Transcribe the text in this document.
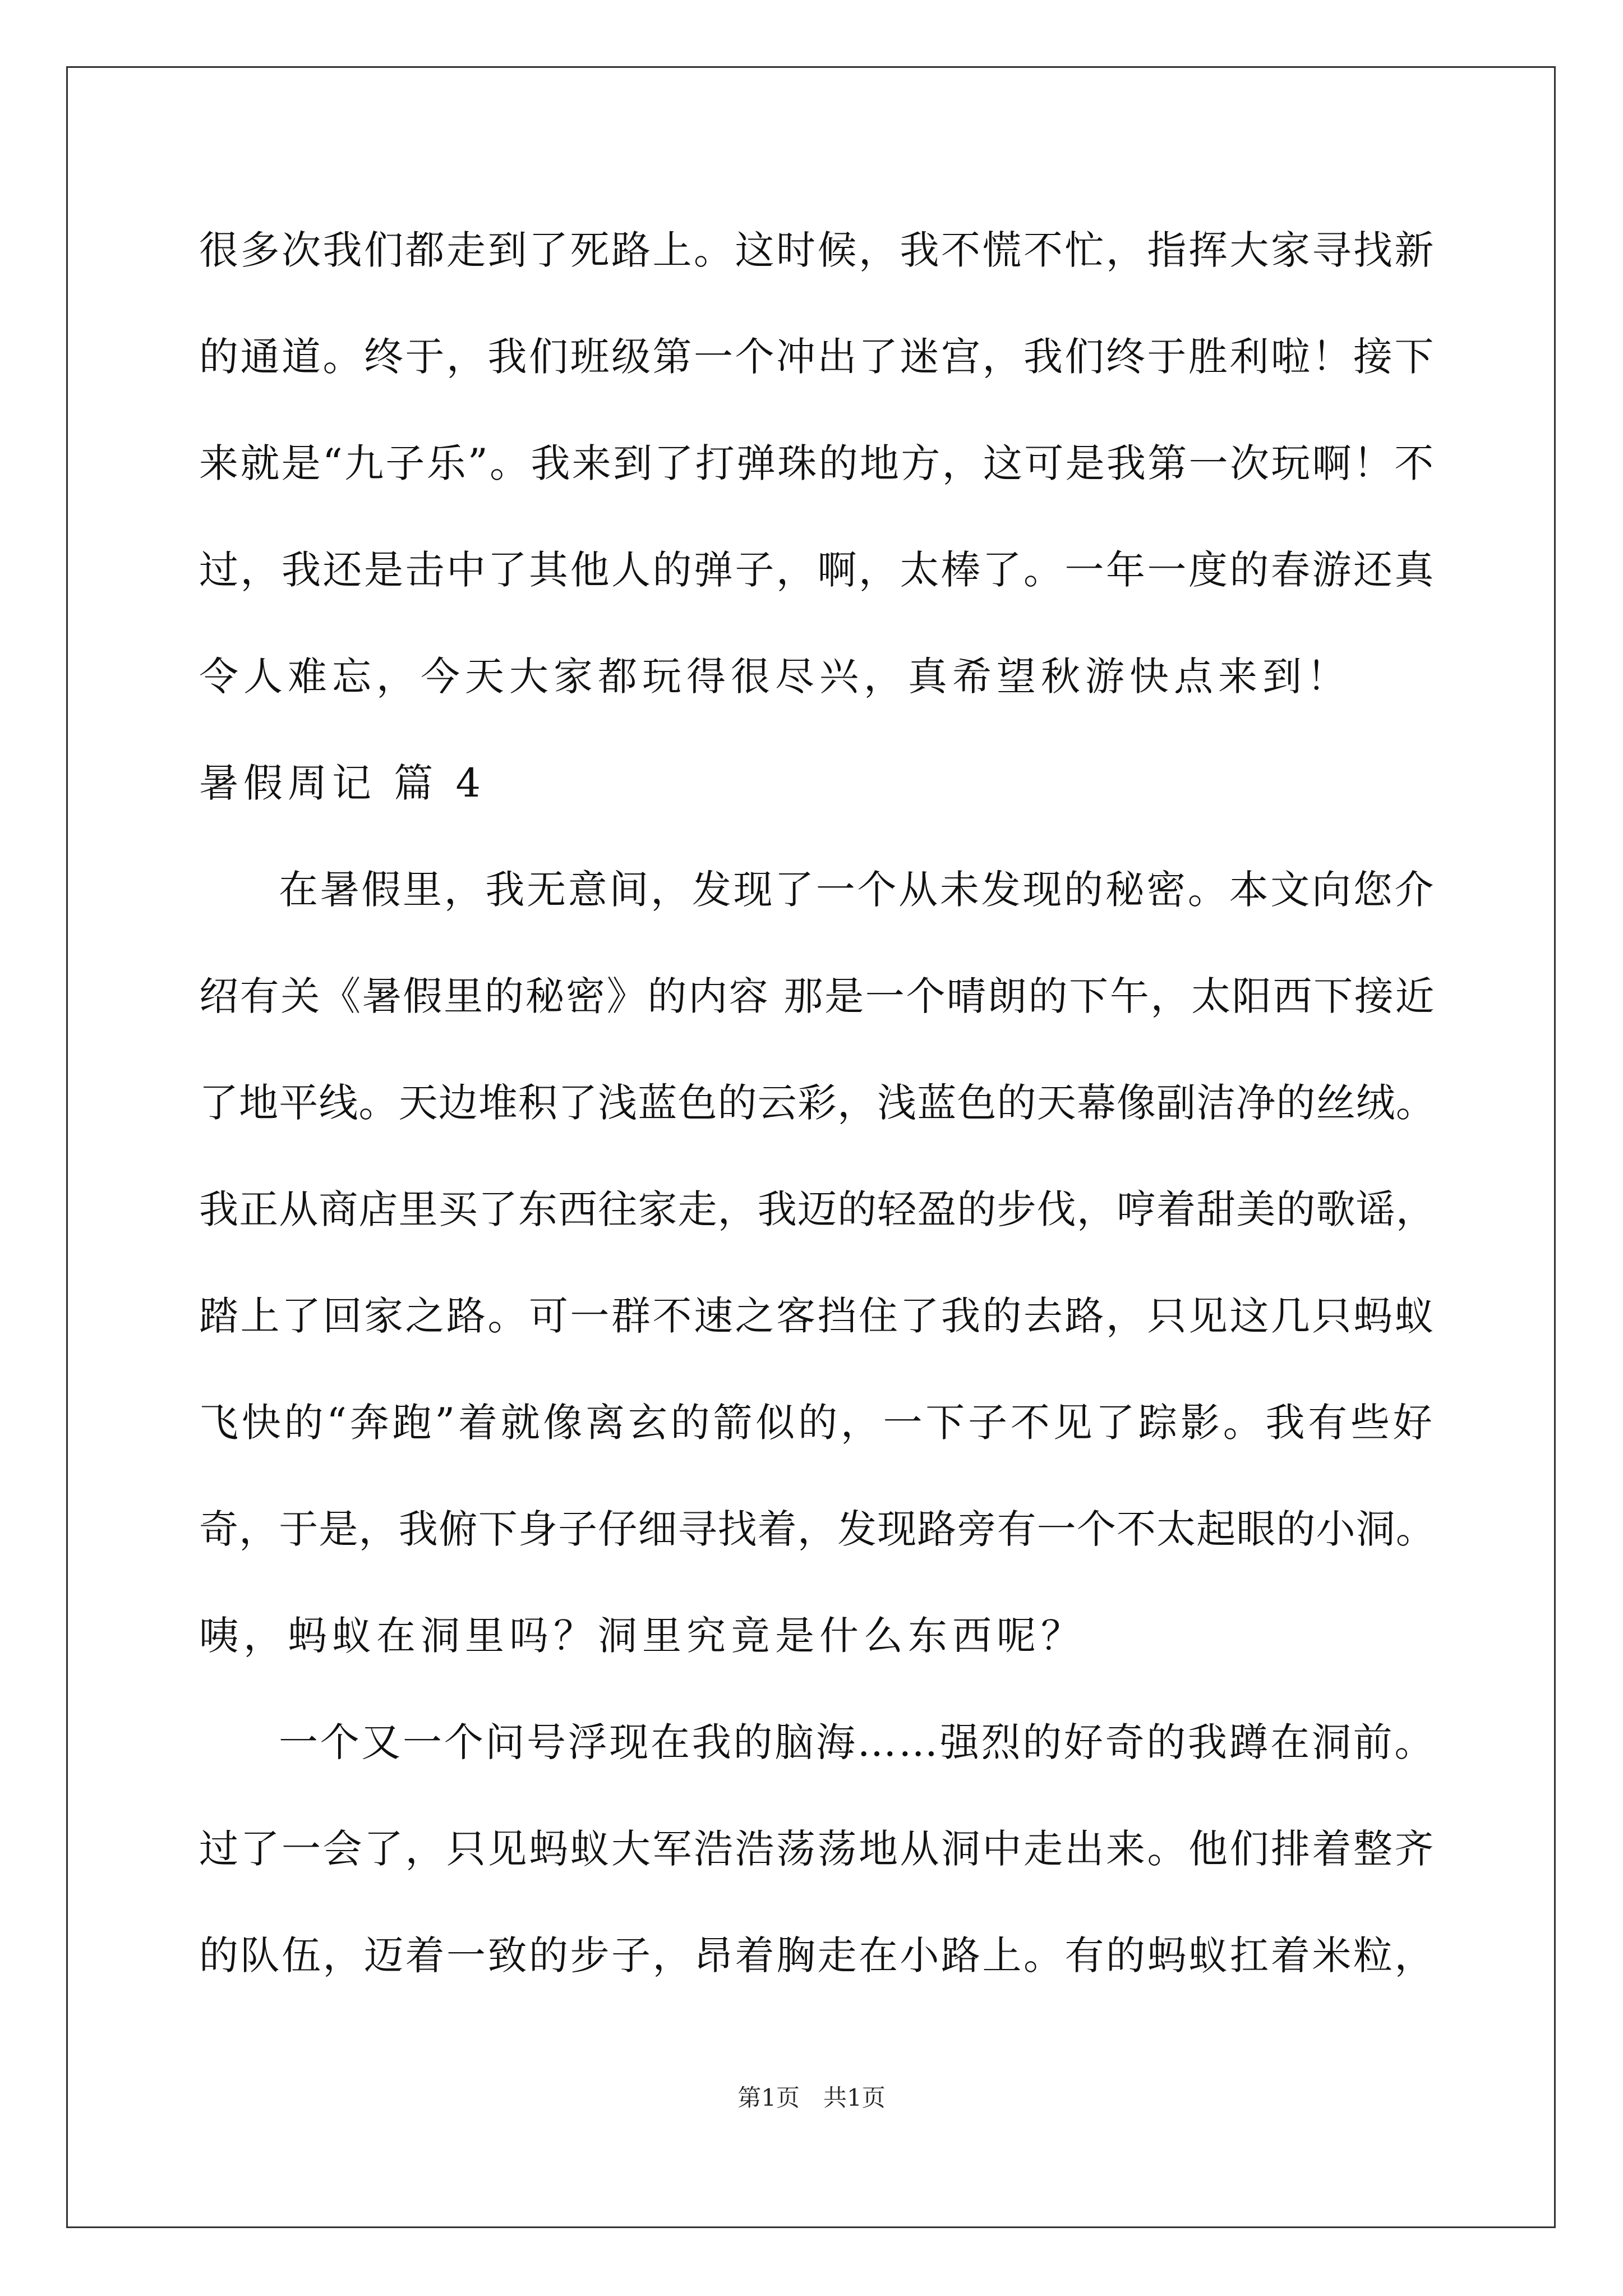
很多次我们都走到了死路上。这时候，我不慌不忙，指挥大家寻找新
的通道。终于，我们班级第一个冲出了迷宫，我们终于胜利啦！接下
来就是“九子乐”。我来到了打弹珠的地方，这可是我第一次玩啊！不
过，我还是击中了其他人的弹子，啊，太棒了。一年一度的春游还真
令人难忘，今天大家都玩得很尽兴，真希望秋游快点来到！
暑假周记 篇 4
在暑假里，我无意间，发现了一个从未发现的秘密。本文向您介
绍有关《暑假里的秘密》的内容 那是一个晴朗的下午，太阳西下接近
了地平线。天边堆积了浅蓝色的云彩，浅蓝色的天幕像副洁净的丝绒。
我正从商店里买了东西往家走，我迈的轻盈的步伐，哼着甜美的歌谣，
踏上了回家之路。可一群不速之客挡住了我的去路，只见这几只蚂蚁
飞快的“奔跑”着就像离玄的箭似的，一下子不见了踪影。我有些好
奇，于是，我俯下身子仔细寻找着，发现路旁有一个不太起眼的小洞。
咦，蚂蚁在洞里吗？洞里究竟是什么东西呢？
一个又一个问号浮现在我的脑海……强烈的好奇的我蹲在洞前。
过了一会了，只见蚂蚁大军浩浩荡荡地从洞中走出来。他们排着整齐
的队伍，迈着一致的步子，昂着胸走在小路上。有的蚂蚁扛着米粒，
第1页　共1页
